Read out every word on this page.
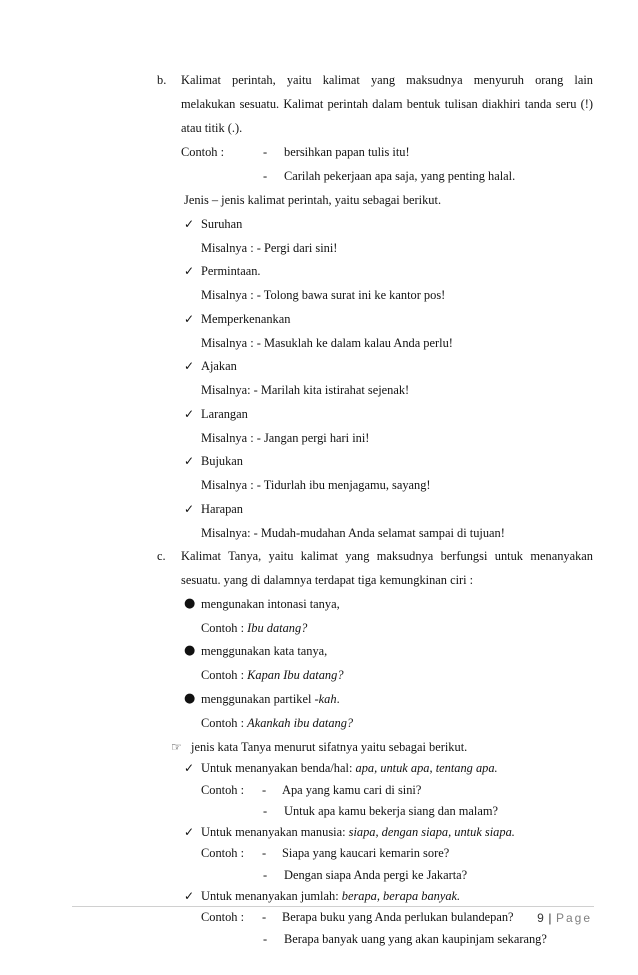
b. Kalimat perintah, yaitu kalimat yang maksudnya menyuruh orang lain
melakukan sesuatu. Kalimat perintah dalam bentuk tulisan diakhiri tanda seru (!)
atau titik (.).
Contoh :	- bersihkan papan tulis itu!
- Carilah pekerjaan apa saja, yang penting halal.
Jenis – jenis kalimat perintah, yaitu sebagai berikut.
✓ Suruhan
Misalnya : - Pergi dari sini!
✓ Permintaan.
Misalnya : - Tolong bawa surat ini ke kantor pos!
✓ Memperkenankan
Misalnya : - Masuklah ke dalam kalau Anda perlu!
✓ Ajakan
Misalnya: - Marilah kita istirahat sejenak!
✓ Larangan
Misalnya : - Jangan pergi hari ini!
✓ Bujukan
Misalnya : - Tidurlah ibu menjagamu, sayang!
✓ Harapan
Misalnya: - Mudah-mudahan Anda selamat sampai di tujuan!
c. Kalimat Tanya, yaitu kalimat yang maksudnya berfungsi untuk menanyakan
sesuatu. yang di dalamnya terdapat tiga kemungkinan ciri :
● mengunakan intonasi tanya,
Contoh : Ibu datang?
● menggunakan kata tanya,
Contoh : Kapan Ibu datang?
● menggunakan partikel -kah.
Contoh : Akankah ibu datang?
☞ jenis kata Tanya menurut sifatnya yaitu sebagai berikut.
✓ Untuk menanyakan benda/hal: apa, untuk apa, tentang apa.
Contoh : - Apa yang kamu cari di sini?
- Untuk apa kamu bekerja siang dan malam?
✓ Untuk menanyakan manusia: siapa, dengan siapa, untuk siapa.
Contoh : - Siapa yang kaucari kemarin sore?
- Dengan siapa Anda pergi ke Jakarta?
✓ Untuk menanyakan jumlah: berapa, berapa banyak.
Contoh : - Berapa buku yang Anda perlukan bulandepan?
- Berapa banyak uang yang akan kaupinjam sekarang?
9 | Page
